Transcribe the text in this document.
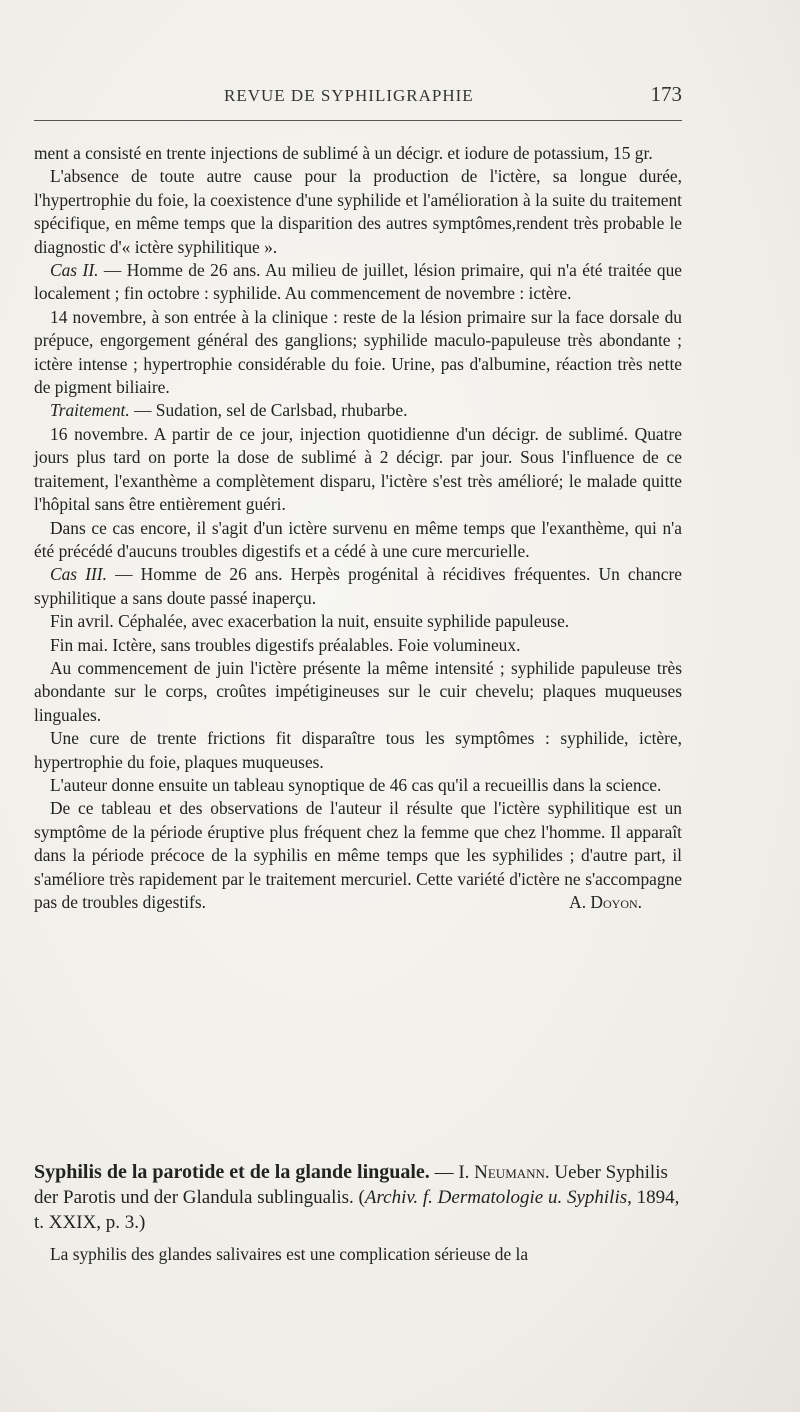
REVUE DE SYPHILIGRAPHIE	173

ment a consisté en trente injections de sublimé à un décigr. et iodure de potassium, 15 gr.

L'absence de toute autre cause pour la production de l'ictère, sa longue durée, l'hypertrophie du foie, la coexistence d'une syphilide et l'amélioration à la suite du traitement spécifique, en même temps que la disparition des autres symptômes,rendent très probable le diagnostic d'« ictère syphilitique ».

Cas II. — Homme de 26 ans. Au milieu de juillet, lésion primaire, qui n'a été traitée que localement ; fin octobre : syphilide. Au commencement de novembre : ictère.

14 novembre, à son entrée à la clinique : reste de la lésion primaire sur la face dorsale du prépuce, engorgement général des ganglions; syphilide maculo-papuleuse très abondante ; ictère intense ; hypertrophie considérable du foie. Urine, pas d'albumine, réaction très nette de pigment biliaire.

Traitement. — Sudation, sel de Carlsbad, rhubarbe.

16 novembre. A partir de ce jour, injection quotidienne d'un décigr. de sublimé. Quatre jours plus tard on porte la dose de sublimé à 2 décigr. par jour. Sous l'influence de ce traitement, l'exanthème a complètement disparu, l'ictère s'est très amélioré; le malade quitte l'hôpital sans être entièrement guéri.

Dans ce cas encore, il s'agit d'un ictère survenu en même temps que l'exanthème, qui n'a été précédé d'aucuns troubles digestifs et a cédé à une cure mercurielle.

Cas III. — Homme de 26 ans. Herpès progénital à récidives fréquentes. Un chancre syphilitique a sans doute passé inaperçu.

Fin avril. Céphalée, avec exacerbation la nuit, ensuite syphilide papuleuse.

Fin mai. Ictère, sans troubles digestifs préalables. Foie volumineux.

Au commencement de juin l'ictère présente la même intensité ; syphilide papuleuse très abondante sur le corps, croûtes impétigineuses sur le cuir chevelu; plaques muqueuses linguales.

Une cure de trente frictions fit disparaître tous les symptômes : syphilide, ictère, hypertrophie du foie, plaques muqueuses.

L'auteur donne ensuite un tableau synoptique de 46 cas qu'il a recueillis dans la science.

De ce tableau et des observations de l'auteur il résulte que l'ictère syphilitique est un symptôme de la période éruptive plus fréquent chez la femme que chez l'homme. Il apparaît dans la période précoce de la syphilis en même temps que les syphilides ; d'autre part, il s'améliore très rapidement par le traitement mercuriel. Cette variété d'ictère ne s'accompagne pas de troubles digestifs.	A. Doyon.

Syphilis de la parotide et de la glande linguale. — I. Neumann. Ueber Syphilis der Parotis und der Glandula sublingualis. (Archiv. f. Dermatologie u. Syphilis, 1894, t. XXIX, p. 3.)

La syphilis des glandes salivaires est une complication sérieuse de la
